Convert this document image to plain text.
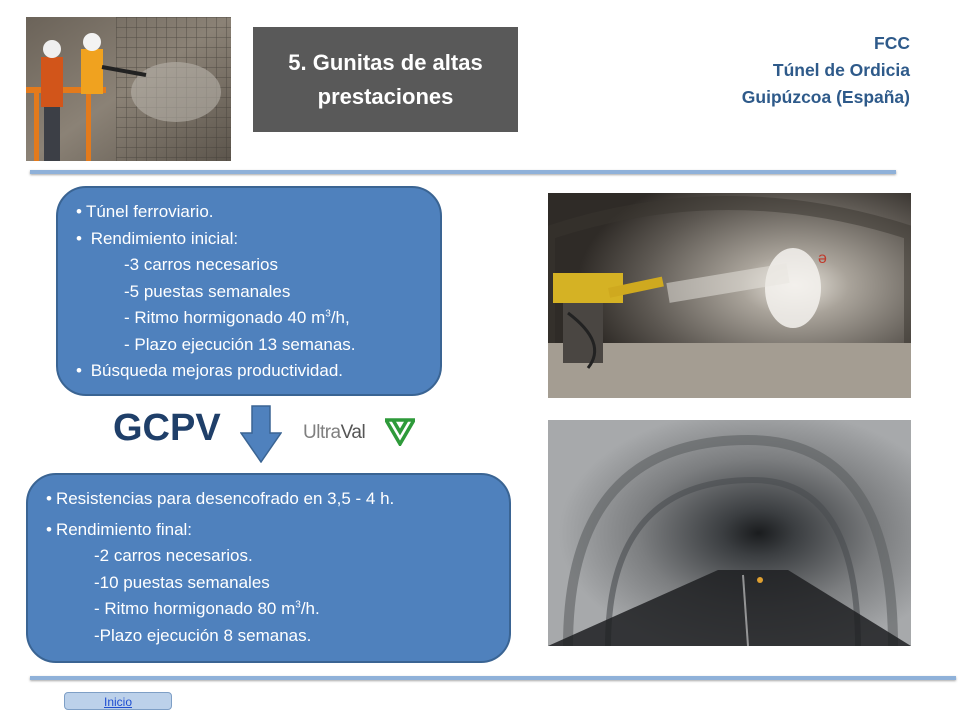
5. Gunitas de altas
prestaciones
FCC
Túnel de Ordicia
Guipúzcoa (España)
• Túnel ferroviario.
• Rendimiento inicial:
-3 carros necesarios
-5 puestas semanales
- Ritmo hormigonado 40 $m^3/h$,
- Plazo ejecución 13 semanas.
• Búsqueda mejoras productividad.
ǝ
GCPV	UltraVal
• Resistencias para desencofrado en 3,5 - 4 h.
• Rendimiento final:
-2 carros necesarios.
-10 puestas semanales
- Ritmo hormigonado 80 $m^3/h$.
-Plazo ejecución 8 semanas.
Inicio
